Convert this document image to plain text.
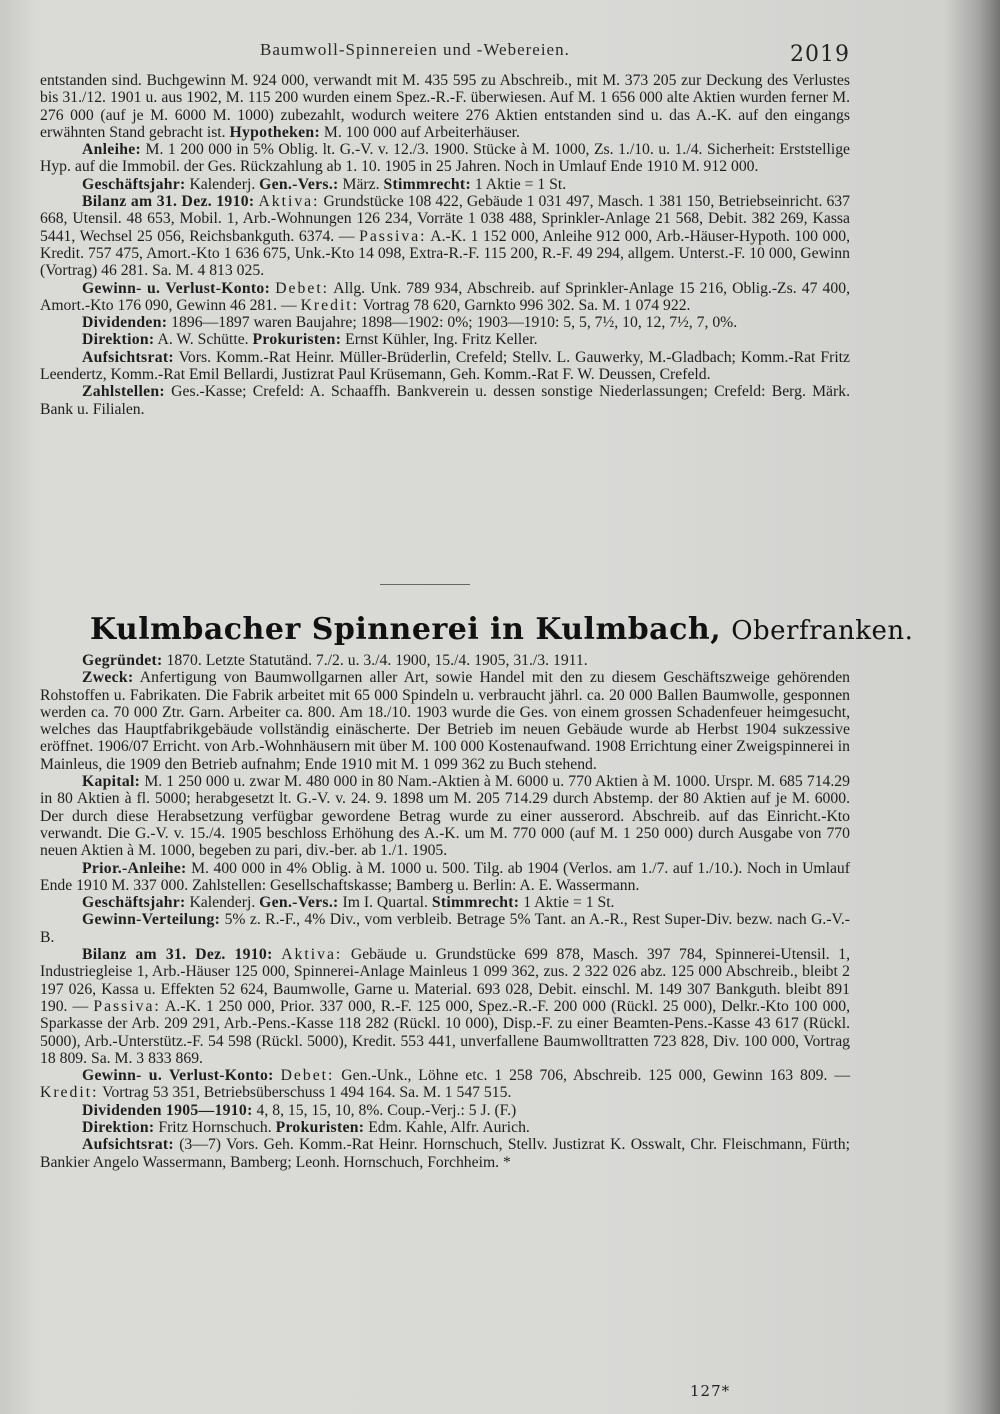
Baumwoll-Spinnereien und -Webereien.	2019

entstanden sind. Buchgewinn M. 924 000, verwandt mit M. 435 595 zu Abschreib., mit M. 373 205 zur Deckung des Verlustes bis 31./12. 1901 u. aus 1902, M. 115 200 wurden einem Spez.-R.-F. überwiesen. Auf M. 1 656 000 alte Aktien wurden ferner M. 276 000 (auf je M. 6000 M. 1000) zubezahlt, wodurch weitere 276 Aktien entstanden sind u. das A.-K. auf den eingangs erwähnten Stand gebracht ist. Hypotheken: M. 100 000 auf Arbeiterhäuser.

Anleihe: M. 1 200 000 in 5% Oblig. lt. G.-V. v. 12./3. 1900. Stücke à M. 1000, Zs. 1./10. u. 1./4. Sicherheit: Erststellige Hyp. auf die Immobil. der Ges. Rückzahlung ab 1. 10. 1905 in 25 Jahren. Noch in Umlauf Ende 1910 M. 912 000.

Geschäftsjahr: Kalenderj. Gen.-Vers.: März. Stimmrecht: 1 Aktie = 1 St.

Bilanz am 31. Dez. 1910: Aktiva: Grundstücke 108 422, Gebäude 1 031 497, Masch. 1 381 150, Betriebseinricht. 637 668, Utensil. 48 653, Mobil. 1, Arb.-Wohnungen 126 234, Vorräte 1 038 488, Sprinkler-Anlage 21 568, Debit. 382 269, Kassa 5441, Wechsel 25 056, Reichsbankguth. 6374. — Passiva: A.-K. 1 152 000, Anleihe 912 000, Arb.-Häuser-Hypoth. 100 000, Kredit. 757 475, Amort.-Kto 1 636 675, Unk.-Kto 14 098, Extra-R.-F. 115 200, R.-F. 49 294, allgem. Unterst.-F. 10 000, Gewinn (Vortrag) 46 281. Sa. M. 4 813 025.

Gewinn- u. Verlust-Konto: Debet: Allg. Unk. 789 934, Abschreib. auf Sprinkler-Anlage 15 216, Oblig.-Zs. 47 400, Amort.-Kto 176 090, Gewinn 46 281. — Kredit: Vortrag 78 620, Garnkto 996 302. Sa. M. 1 074 922.

Dividenden: 1896—1897 waren Baujahre; 1898—1902: 0%; 1903—1910: 5, 5, 7½, 10, 12, 7½, 7, 0%.

Direktion: A. W. Schütte. Prokuristen: Ernst Kühler, Ing. Fritz Keller.

Aufsichtsrat: Vors. Komm.-Rat Heinr. Müller-Brüderlin, Crefeld; Stellv. L. Gauwerky, M.-Gladbach; Komm.-Rat Fritz Leendertz, Komm.-Rat Emil Bellardi, Justizrat Paul Krüsemann, Geh. Komm.-Rat F. W. Deussen, Crefeld.

Zahlstellen: Ges.-Kasse; Crefeld: A. Schaaffh. Bankverein u. dessen sonstige Niederlassungen; Crefeld: Berg. Märk. Bank u. Filialen.

Kulmbacher Spinnerei in Kulmbach, Oberfranken.

Gegründet: 1870. Letzte Statutänd. 7./2. u. 3./4. 1900, 15./4. 1905, 31./3. 1911.

Zweck: Anfertigung von Baumwollgarnen aller Art, sowie Handel mit den zu diesem Geschäftszweige gehörenden Rohstoffen u. Fabrikaten. Die Fabrik arbeitet mit 65 000 Spindeln u. verbraucht jährl. ca. 20 000 Ballen Baumwolle, gesponnen werden ca. 70 000 Ztr. Garn. Arbeiter ca. 800. Am 18./10. 1903 wurde die Ges. von einem grossen Schadenfeuer heimgesucht, welches das Hauptfabrikgebäude vollständig einäscherte. Der Betrieb im neuen Gebäude wurde ab Herbst 1904 sukzessive eröffnet. 1906/07 Erricht. von Arb.-Wohnhäusern mit über M. 100 000 Kostenaufwand. 1908 Errichtung einer Zweigspinnerei in Mainleus, die 1909 den Betrieb aufnahm; Ende 1910 mit M. 1 099 362 zu Buch stehend.

Kapital: M. 1 250 000 u. zwar M. 480 000 in 80 Nam.-Aktien à M. 6000 u. 770 Aktien à M. 1000. Urspr. M. 685 714.29 in 80 Aktien à fl. 5000; herabgesetzt lt. G.-V. v. 24. 9. 1898 um M. 205 714.29 durch Abstemp. der 80 Aktien auf je M. 6000. Der durch diese Herabsetzung verfügbar gewordene Betrag wurde zu einer ausserord. Abschreib. auf das Einricht.-Kto verwandt. Die G.-V. v. 15./4. 1905 beschloss Erhöhung des A.-K. um M. 770 000 (auf M. 1 250 000) durch Ausgabe von 770 neuen Aktien à M. 1000, begeben zu pari, div.-ber. ab 1./1. 1905.

Prior.-Anleihe: M. 400 000 in 4% Oblig. à M. 1000 u. 500. Tilg. ab 1904 (Verlos. am 1./7. auf 1./10.). Noch in Umlauf Ende 1910 M. 337 000. Zahlstellen: Gesellschaftskasse; Bamberg u. Berlin: A. E. Wassermann.

Geschäftsjahr: Kalenderj. Gen.-Vers.: Im I. Quartal. Stimmrecht: 1 Aktie = 1 St.

Gewinn-Verteilung: 5% z. R.-F., 4% Div., vom verbleib. Betrage 5% Tant. an A.-R., Rest Super-Div. bezw. nach G.-V.-B.

Bilanz am 31. Dez. 1910: Aktiva: Gebäude u. Grundstücke 699 878, Masch. 397 784, Spinnerei-Utensil. 1, Industriegleise 1, Arb.-Häuser 125 000, Spinnerei-Anlage Mainleus 1 099 362, zus. 2 322 026 abz. 125 000 Abschreib., bleibt 2 197 026, Kassa u. Effekten 52 624, Baumwolle, Garne u. Material. 693 028, Debit. einschl. M. 149 307 Bankguth. bleibt 891 190. — Passiva: A.-K. 1 250 000, Prior. 337 000, R.-F. 125 000, Spez.-R.-F. 200 000 (Rückl. 25 000), Delkr.-Kto 100 000, Sparkasse der Arb. 209 291, Arb.-Pens.-Kasse 118 282 (Rückl. 10 000), Disp.-F. zu einer Beamten-Pens.-Kasse 43 617 (Rückl. 5000), Arb.-Unterstütz.-F. 54 598 (Rückl. 5000), Kredit. 553 441, unverfallene Baumwolltratten 723 828, Div. 100 000, Vortrag 18 809. Sa. M. 3 833 869.

Gewinn- u. Verlust-Konto: Debet: Gen.-Unk., Löhne etc. 1 258 706, Abschreib. 125 000, Gewinn 163 809. — Kredit: Vortrag 53 351, Betriebsüberschuss 1 494 164. Sa. M. 1 547 515.

Dividenden 1905—1910: 4, 8, 15, 15, 10, 8%. Coup.-Verj.: 5 J. (F.)

Direktion: Fritz Hornschuch. Prokuristen: Edm. Kahle, Alfr. Aurich.

Aufsichtsrat: (3—7) Vors. Geh. Komm.-Rat Heinr. Hornschuch, Stellv. Justizrat K. Osswalt, Chr. Fleischmann, Fürth; Bankier Angelo Wassermann, Bamberg; Leonh. Hornschuch, Forchheim. *

127*
